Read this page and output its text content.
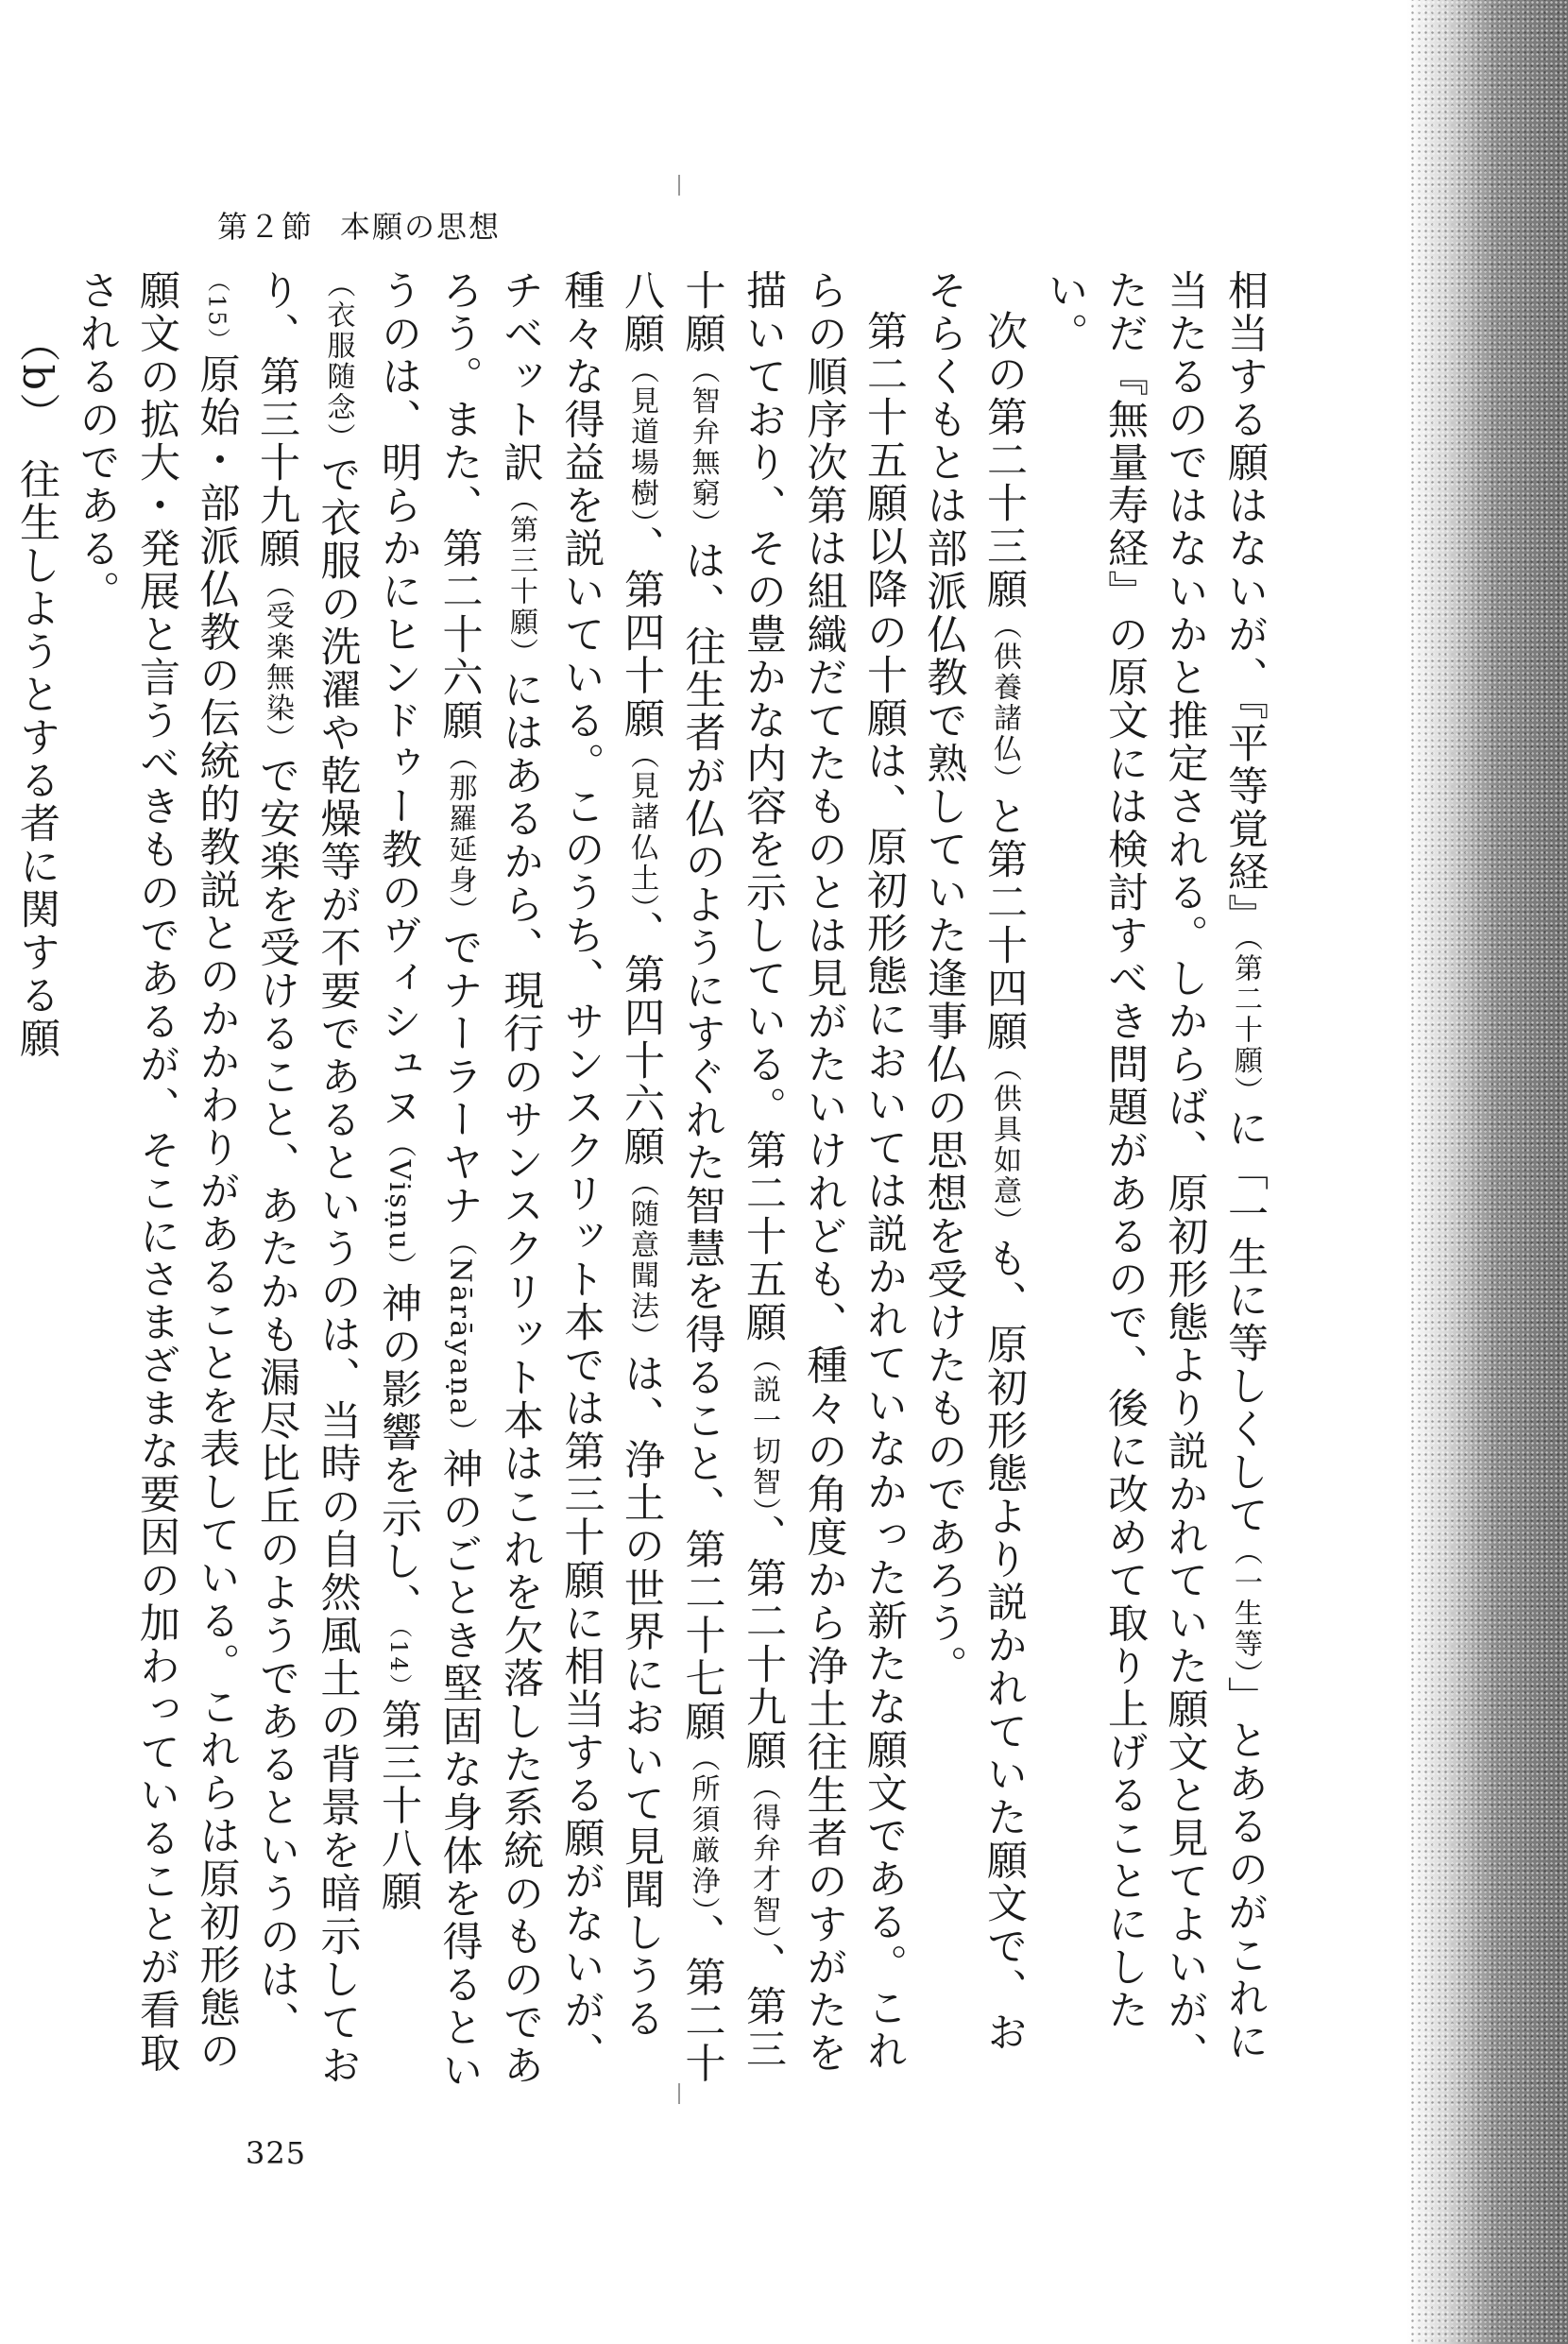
第２節 本願の思想

相当する願はないが、『平等覚経』（第二十願）に「一生に等しくして（一生等）」とあるのがこれに当たるのではないかと推定される。しからば、原初形態より説かれていた願文と見てよいが、ただ『無量寿経』の原文には検討すべき問題があるので、後に改めて取り上げることにしたい。

次の第二十三願（供養諸仏）と第二十四願（供具如意）も、原初形態より説かれていた願文で、おそらくもとは部派仏教で熟していた逢事仏の思想を受けたものであろう。

第二十五願以降の十願は、原初形態においては説かれていなかった新たな願文である。これらの順序次第は組織だてたものとは見がたいけれども、種々の角度から浄土往生者のすがたを描いており、その豊かな内容を示している。第二十五願（説一切智）、第二十九願（得弁才智）、第三十願（智弁無窮）は、往生者が仏のようにすぐれた智慧を得ること、第二十七願（所須厳浄）、第二十八願（見道場樹）、第四十願（見諸仏土）、第四十六願（随意聞法）は、浄土の世界において見聞しうる種々な得益を説いている。このうち、サンスクリット本では第三十願に相当する願がないが、チベット訳（第三十願）にはあるから、現行のサンスクリット本はこれを欠落した系統のものであろう。また、第二十六願（那羅延身）でナーラーヤナ（Nārāyaṇa）神のごとき堅固な身体を得るというのは、明らかにヒンドゥー教のヴィシュヌ（Viṣṇu）神の影響を示し、（14）第三十八願（衣服随念）で衣服の洗濯や乾燥等が不要であるというのは、当時の自然風土の背景を暗示しており、第三十九願（受楽無染）で安楽を受けること、あたかも漏尽比丘のようであるというのは、（15）原始・部派仏教の伝統的教説とのかかわりがあることを表している。これらは原初形態の願文の拡大・発展と言うべきものであるが、そこにさまざまな要因の加わっていることが看取されるのである。

（b）　往生しようとする者に関する願

325
